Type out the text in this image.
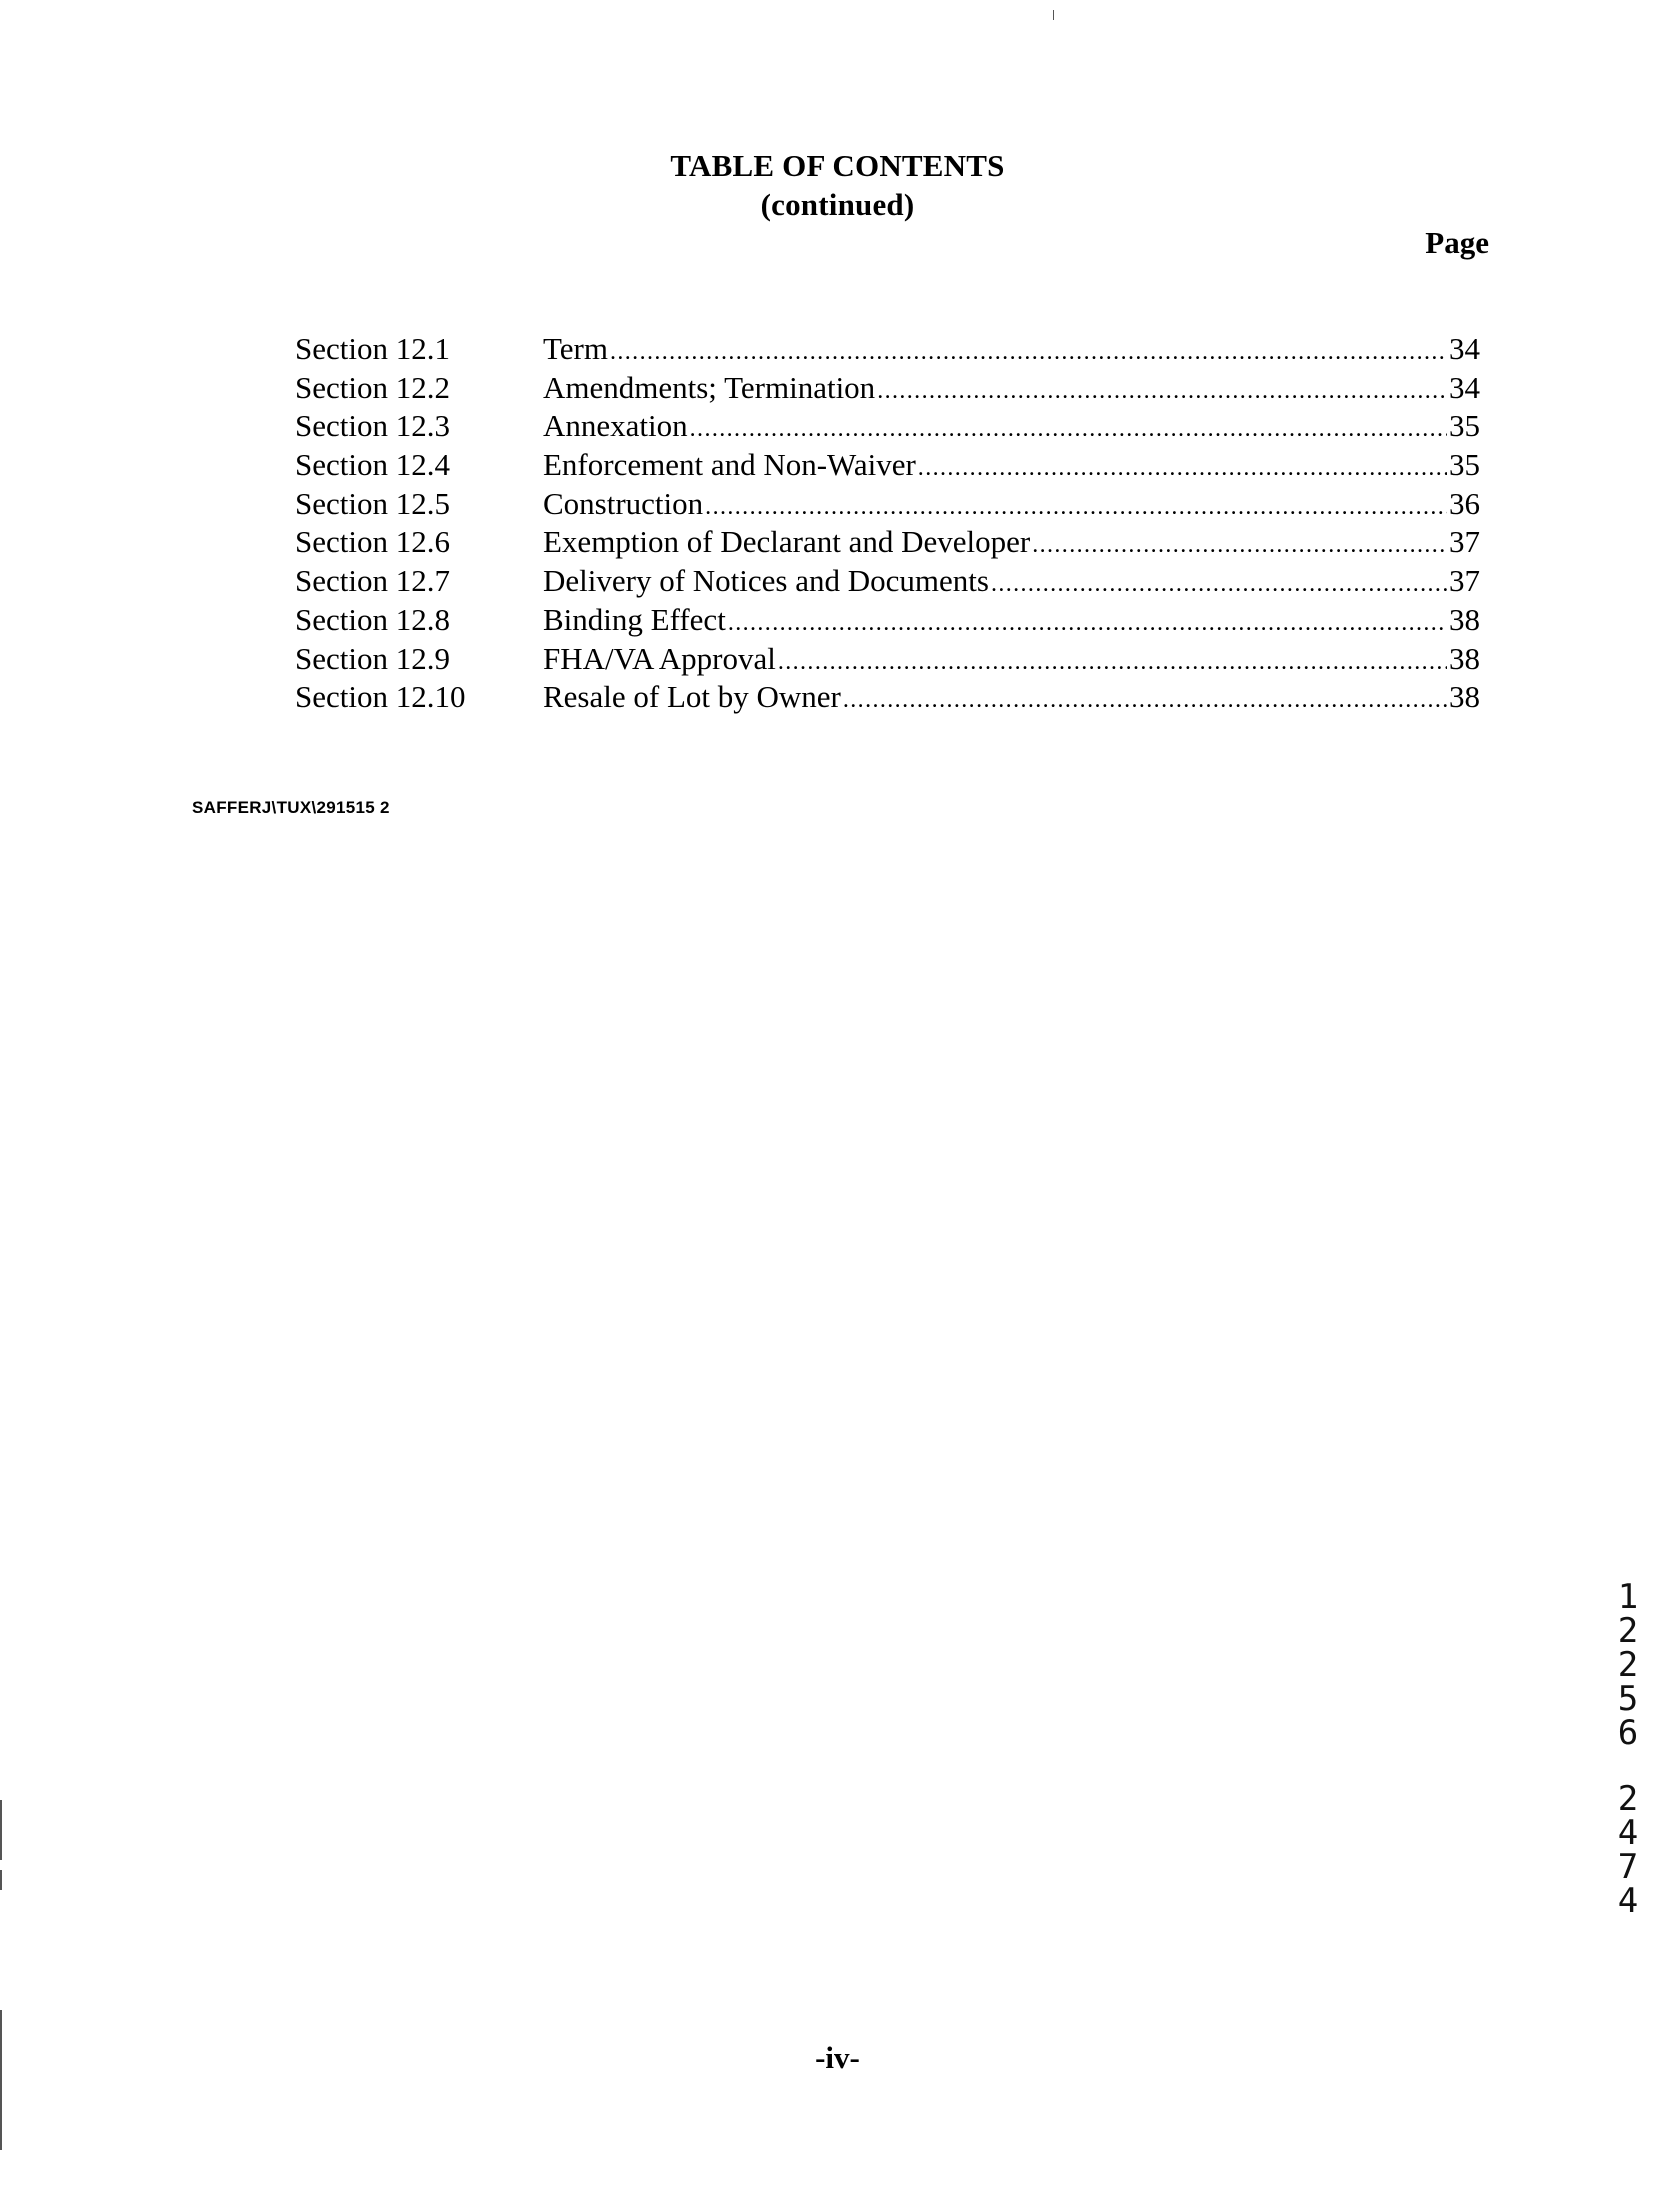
TABLE OF CONTENTS
(continued)
Page
Section 12.1	Term .....	34
Section 12.2	Amendments; Termination .....	34
Section 12.3	Annexation .....	35
Section 12.4	Enforcement and Non-Waiver .....	35
Section 12.5	Construction .....	36
Section 12.6	Exemption of Declarant and Developer .....	37
Section 12.7	Delivery of Notices and Documents .....	37
Section 12.8	Binding Effect .....	38
Section 12.9	FHA/VA Approval .....	38
Section 12.10	Resale of Lot by Owner .....	38
SAFFERJ\TUX\291515 2
1
2
2
5
6
2
4
7
4
-iv-
